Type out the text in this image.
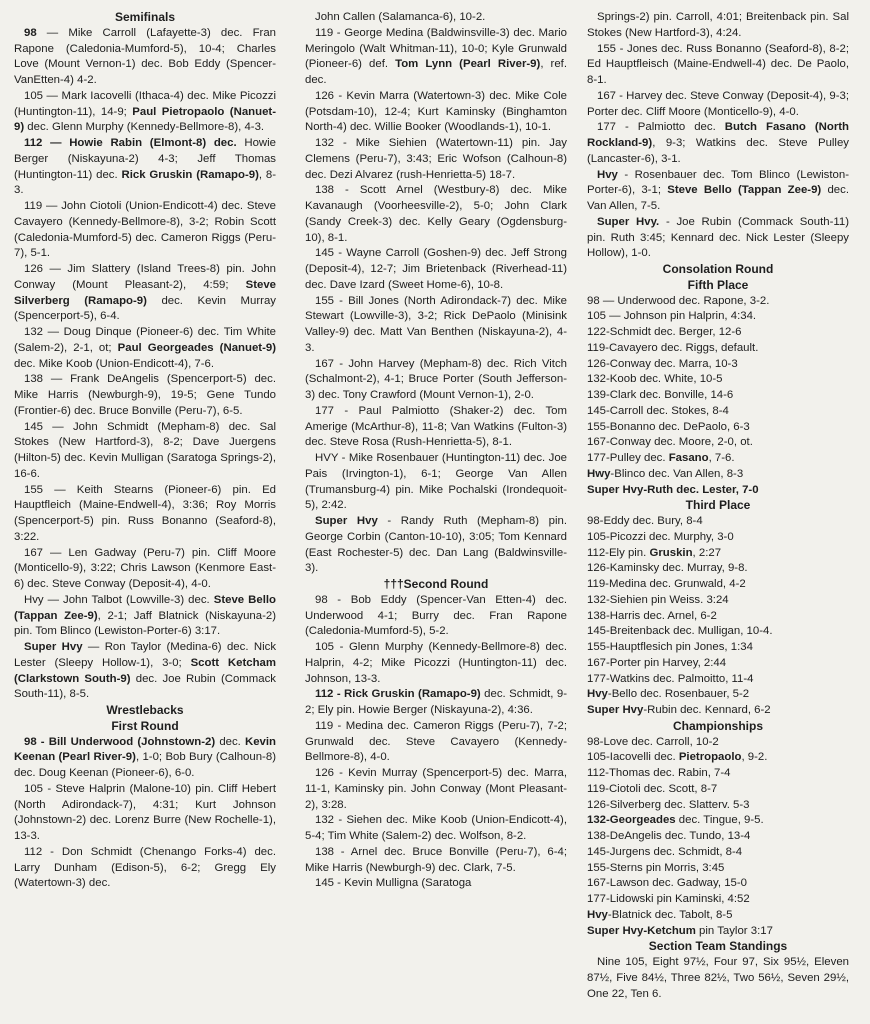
Semifinals
98 — Mike Carroll (Lafayette-3) dec. Fran Rapone (Caledonia-Mumford-5), 10-4; Charles Love (Mount Vernon-1) dec. Bob Eddy (Spencer-VanEtten-4) 4-2.
105 — Mark Iacovelli (Ithaca-4) dec. Mike Picozzi (Huntington-11), 14-9; Paul Pietropaolo (Nanuet-9) dec. Glenn Murphy (Kennedy-Bellmore-8), 4-3.
112 — Howie Rabin (Elmont-8) dec. Howie Berger (Niskayuna-2) 4-3; Jeff Thomas (Huntington-11) dec. Rick Gruskin (Ramapo-9), 8-3.
119 — John Ciotoli (Union-Endicott-4) dec. Steve Cavayero (Kennedy-Bellmore-8), 3-2; Robin Scott (Caledonia-Mumford-5) dec. Cameron Riggs (Peru-7), 5-1.
126 — Jim Slattery (Island Trees-8) pin. John Conway (Mount Pleasant-2), 4:59; Steve Silverberg (Ramapo-9) dec. Kevin Murray (Spencerport-5), 6-4.
132 — Doug Dinque (Pioneer-6) dec. Tim White (Salem-2), 2-1, ot; Paul Georgeades (Nanuet-9) dec. Mike Koob (Union-Endicott-4), 7-6.
138 — Frank DeAngelis (Spencerport-5) dec. Mike Harris (Newburgh-9), 19-5; Gene Tundo (Frontier-6) dec. Bruce Bonville (Peru-7), 6-5.
145 — John Schmidt (Mepham-8) dec. Sal Stokes (New Hartford-3), 8-2; Dave Juergens (Hilton-5) dec. Kevin Mulligan (Saratoga Springs-2), 16-6.
155 — Keith Stearns (Pioneer-6) pin. Ed Hauptfleich (Maine-Endwell-4), 3:36; Roy Morris (Spencerport-5) pin. Russ Bonanno (Seaford-8), 3:22.
167 — Len Gadway (Peru-7) pin. Cliff Moore (Monticello-9), 3:22; Chris Lawson (Kenmore East-6) dec. Steve Conway (Deposit-4), 4-0.
Hvy — John Talbot (Lowville-3) dec. Steve Bello (Tappan Zee-9), 2-1; Jaff Blatnick (Niskayuna-2) pin. Tom Blinco (Lewiston-Porter-6) 3:17.
Super Hvy — Ron Taylor (Medina-6) dec. Nick Lester (Sleepy Hollow-1), 3-0; Scott Ketcham (Clarkstown South-9) dec. Joe Rubin (Commack South-11), 8-5.
Wrestlebacks
First Round
98 - Bill Underwood (Johnstown-2) dec. Kevin Keenan (Pearl River-9), 1-0; Bob Bury (Calhoun-8) dec. Doug Keenan (Pioneer-6), 6-0.
105 - Steve Halprin (Malone-10) pin. Cliff Hebert (North Adirondack-7), 4:31; Kurt Johnson (Johnstown-2) dec. Lorenz Burre (New Rochelle-1), 13-3.
112 - Don Schmidt (Chenango Forks-4) dec. Larry Dunham (Edison-5), 6-2; Gregg Ely (Watertown-3) dec.
John Callen (Salamanca-6), 10-2.
119 - George Medina (Baldwinsville-3) dec. Mario Meringolo (Walt Whitman-11), 10-0; Kyle Grunwald (Pioneer-6) def. Tom Lynn (Pearl River-9), ref. dec.
126 - Kevin Marra (Watertown-3) dec. Mike Cole (Potsdam-10), 12-4; Kurt Kaminsky (Binghamton North-4) dec. Willie Booker (Woodlands-1), 10-1.
132 - Mike Siehien (Watertown-11) pin. Jay Clemens (Peru-7), 3:43; Eric Wofson (Calhoun-8) dec. Dezi Alvarez (rush-Henrietta-5) 18-7.
138 - Scott Arnel (Westbury-8) dec. Mike Kavanaugh (Voorheesville-2), 5-0; John Clark (Sandy Creek-3) dec. Kelly Geary (Ogdensburg-10), 8-1.
145 - Wayne Carroll (Goshen-9) dec. Jeff Strong (Deposit-4), 12-7; Jim Brietenback (Riverhead-11) dec. Dave Izard (Sweet Home-6), 10-8.
155 - Bill Jones (North Adirondack-7) dec. Mike Stewart (Lowville-3), 3-2; Rick DePaolo (Minisink Valley-9) dec. Matt Van Benthen (Niskayuna-2), 4-3.
167 - John Harvey (Mepham-8) dec. Rich Vitch (Schalmont-2), 4-1; Bruce Porter (South Jefferson-3) dec. Tony Crawford (Mount Vernon-1), 2-0.
177 - Paul Palmiotto (Shaker-2) dec. Tom Amerige (McArthur-8), 11-8; Van Watkins (Fulton-3) dec. Steve Rosa (Rush-Henrietta-5), 8-1.
HVY - Mike Rosenbauer (Huntington-11) dec. Joe Pais (Irvington-1), 6-1; George Van Allen (Trumansburg-4) pin. Mike Pochalski (Irondequoit-5), 2:42.
Super Hvy - Randy Ruth (Mepham-8) pin. George Corbin (Canton-10-10), 3:05; Tom Kennard (East Rochester-5) dec. Dan Lang (Baldwinsville-3).
†††Second Round
98 - Bob Eddy (Spencer-Van Etten-4) dec. Underwood 4-1; Burry dec. Fran Rapone (Caledonia-Mumford-5), 5-2.
105 - Glenn Murphy (Kennedy-Bellmore-8) dec. Halprin, 4-2; Mike Picozzi (Huntington-11) dec. Johnson, 13-3.
112 - Rick Gruskin (Ramapo-9) dec. Schmidt, 9-2; Ely pin. Howie Berger (Niskayuna-2), 4:36.
119 - Medina dec. Cameron Riggs (Peru-7), 7-2; Grunwald dec. Steve Cavayero (Kennedy-Bellmore-8), 4-0.
126 - Kevin Murray (Spencerport-5) dec. Marra, 11-1, Kaminsky pin. John Conway (Mont Pleasant-2), 3:28.
132 - Siehen dec. Mike Koob (Union-Endicott-4), 5-4; Tim White (Salem-2) dec. Wolfson, 8-2.
138 - Arnel dec. Bruce Bonville (Peru-7), 6-4; Mike Harris (Newburgh-9) dec. Clark, 7-5.
145 - Kevin Mulligna (Saratoga
Springs-2) pin. Carroll, 4:01; Breitenback pin. Sal Stokes (New Hartford-3), 4:24.
155 - Jones dec. Russ Bonanno (Seaford-8), 8-2; Ed Hauptfleisch (Maine-Endwell-4) dec. De Paolo, 8-1.
167 - Harvey dec. Steve Conway (Deposit-4), 9-3; Porter dec. Cliff Moore (Monticello-9), 4-0.
177 - Palmiotto dec. Butch Fasano (North Rockland-9), 9-3; Watkins dec. Steve Pulley (Lancaster-6), 3-1.
Hvy - Rosenbauer dec. Tom Blinco (Lewiston-Porter-6), 3-1; Steve Bello (Tappan Zee-9) dec. Van Allen, 7-5.
Super Hvy. - Joe Rubin (Commack South-11) pin. Ruth 3:45; Kennard dec. Nick Lester (Sleepy Hollow), 1-0.
Consolation Round
Fifth Place
98 — Underwood dec. Rapone, 3-2.
105 — Johnson pin Halprin, 4:34.
122-Schmidt dec. Berger, 12-6
119-Cavayero dec. Riggs, default.
126-Conway dec. Marra, 10-3
132-Koob dec. White, 10-5
139-Clark dec. Bonville, 14-6
145-Carroll dec. Stokes, 8-4
155-Bonanno dec. DePaolo, 6-3
167-Conway dec. Moore, 2-0, ot.
177-Pulley dec. Fasano, 7-6.
Hwy-Blinco dec. Van Allen, 8-3
Super Hvy-Ruth dec. Lester, 7-0
Third Place
98-Eddy dec. Bury, 8-4
105-Picozzi dec. Murphy, 3-0
112-Ely pin. Gruskin, 2:27
126-Kaminsky dec. Murray, 9-8.
119-Medina dec. Grunwald, 4-2
132-Siehien pin Weiss. 3:24
138-Harris dec. Arnel, 6-2
145-Breitenback dec. Mulligan, 10-4.
155-Hauptflesich pin Jones, 1:34
167-Porter pin Harvey, 2:44
177-Watkins dec. Palmoitto, 11-4
Hvy-Bello dec. Rosenbauer, 5-2
Super Hvy-Rubin dec. Kennard, 6-2
Championships
98-Love dec. Carroll, 10-2
105-Iacovelli dec. Pietropaolo, 9-2.
112-Thomas dec. Rabin, 7-4
119-Ciotoli dec. Scott, 8-7
126-Silverberg dec. Slatterv. 5-3
132-Georgeades dec. Tingue, 9-5.
138-DeAngelis dec. Tundo, 13-4
145-Jurgens dec. Schmidt, 8-4
155-Sterns pin Morris, 3:45
167-Lawson dec. Gadway, 15-0
177-Lidowski pin Kaminski, 4:52
Hvy-Blatnick dec. Tabolt, 8-5
Super Hvy-Ketchum pin Taylor 3:17
Section Team Standings
Nine 105, Eight 97½, Four 97, Six 95½, Eleven 87½, Five 84½, Three 82½, Two 56½, Seven 29½, One 22, Ten 6.
